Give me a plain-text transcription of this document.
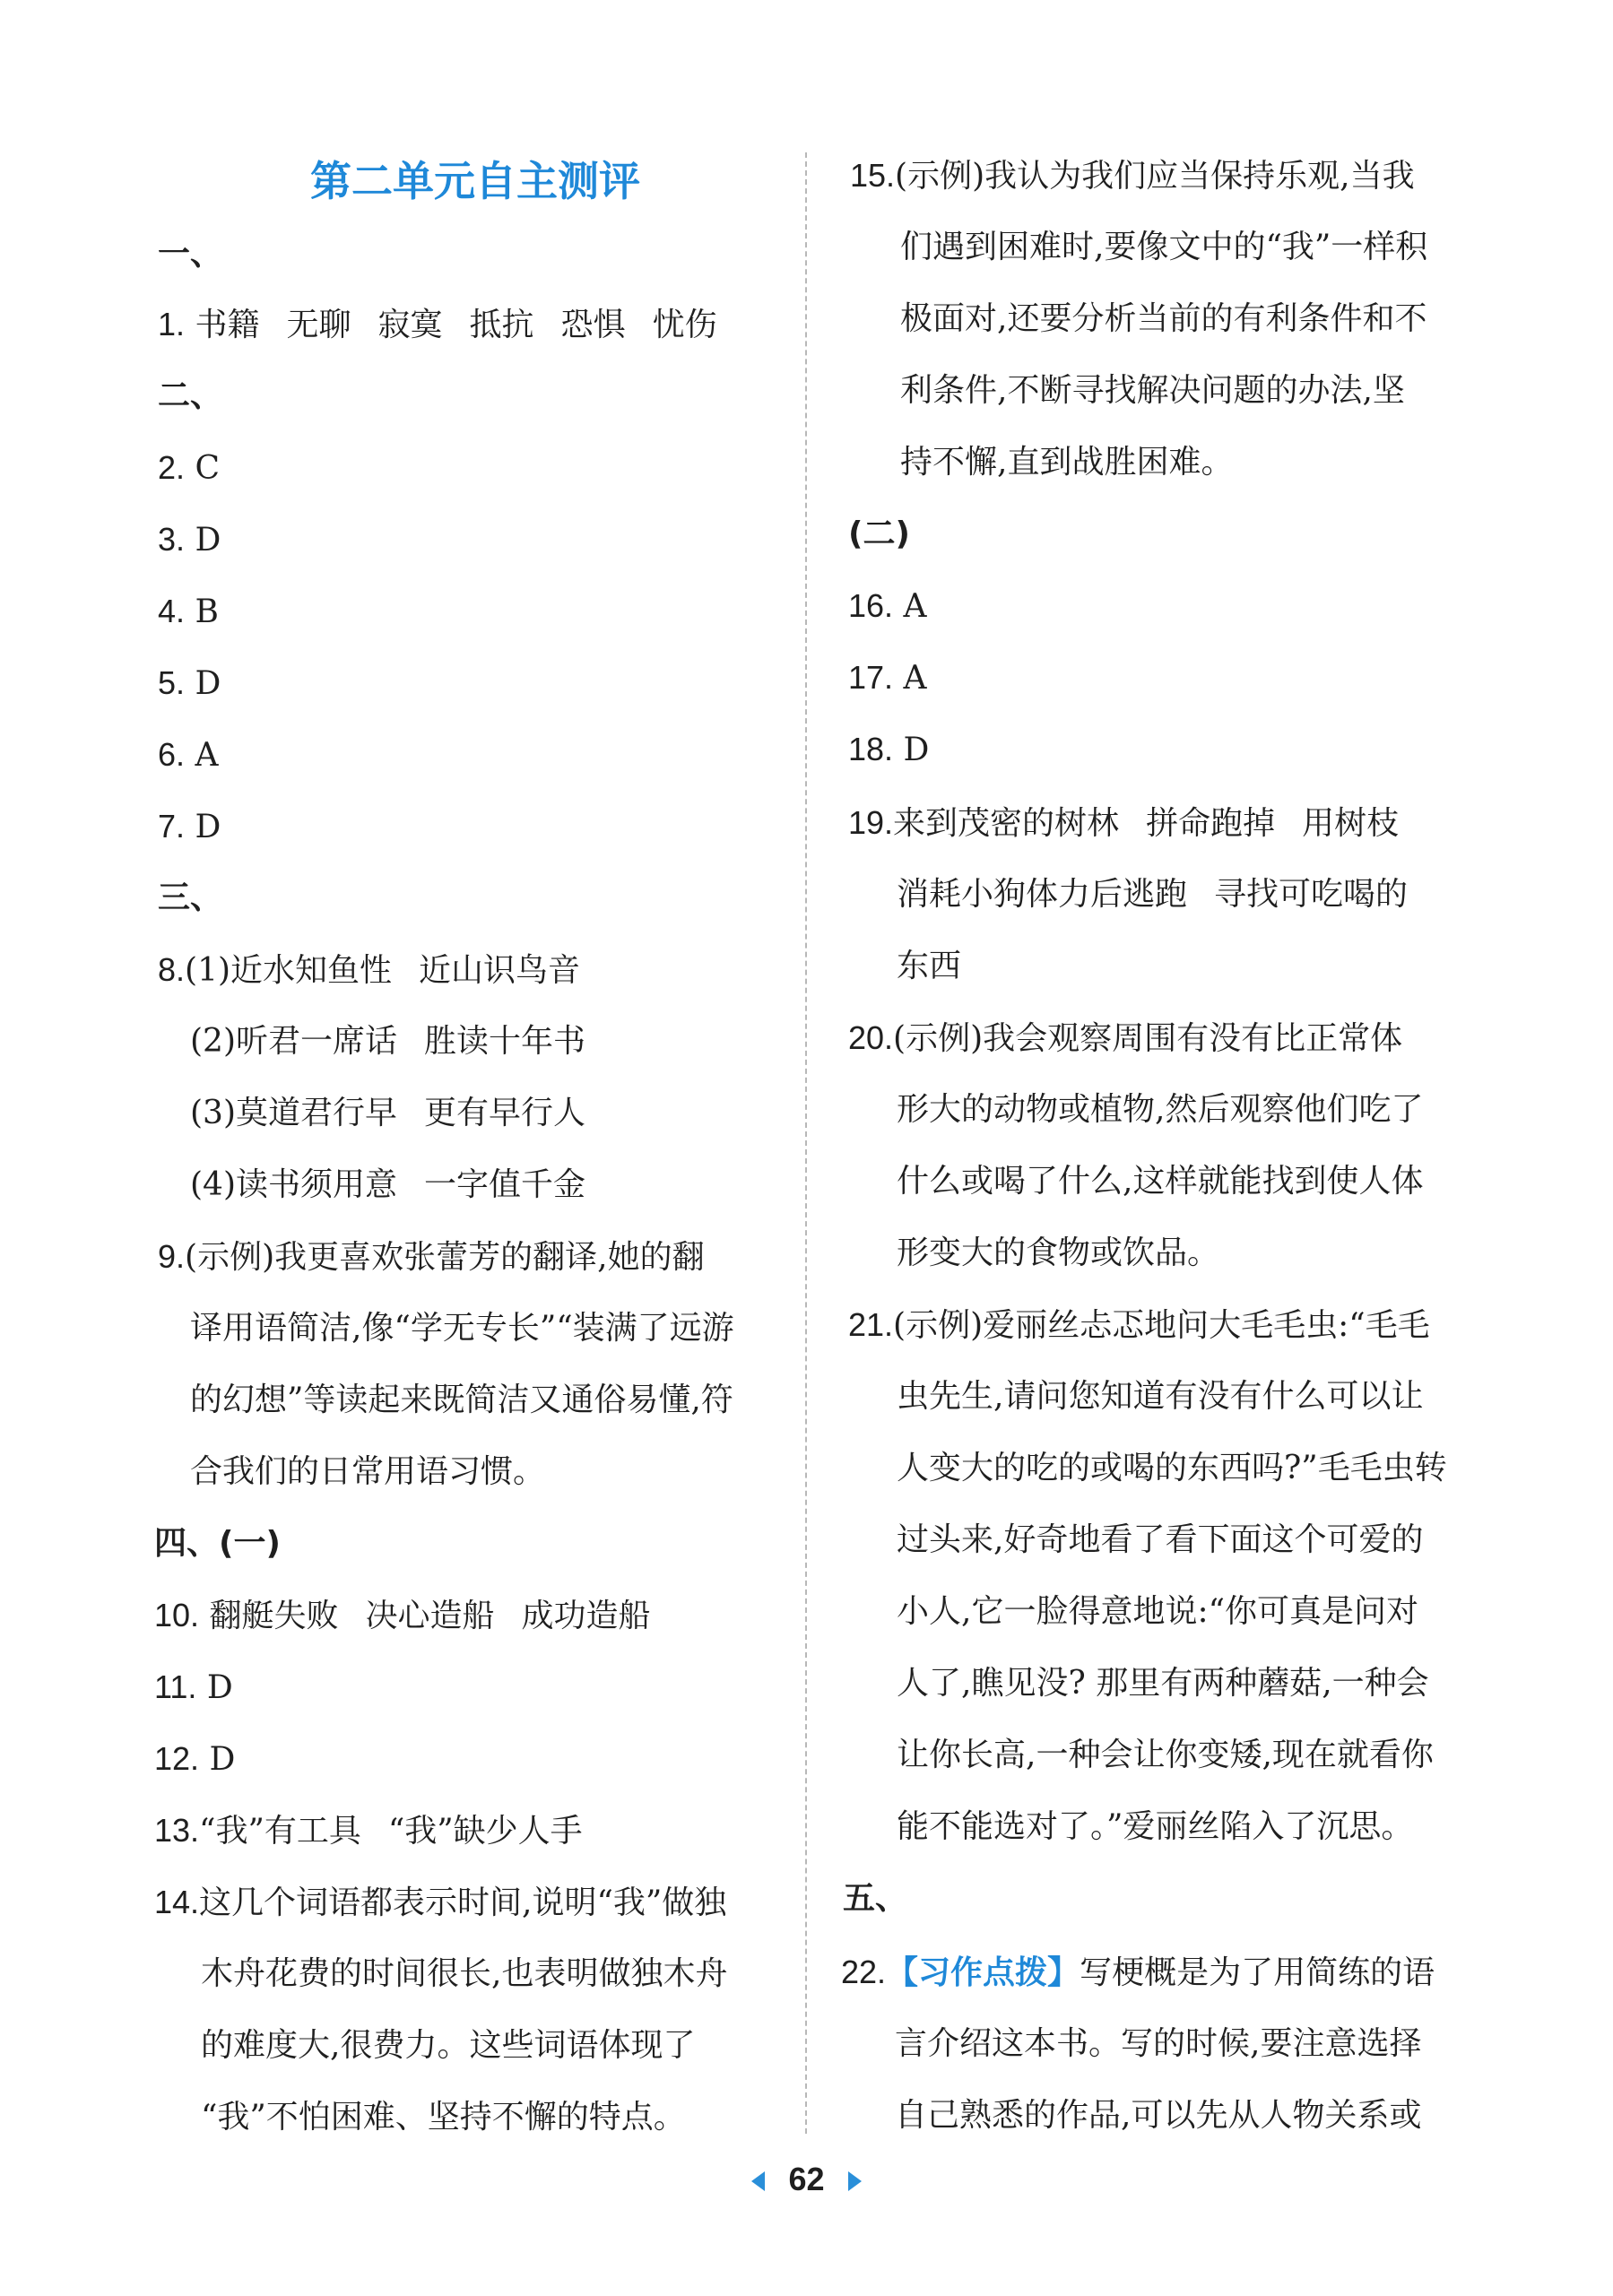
第二单元自主测评
一、
1. 书籍 无聊 寂寞 抵抗 恐惧 忧伤
二、
2. C
3. D
4. B
5. D
6. A
7. D
三、
8.(1)近水知鱼性 近山识鸟音
(2)听君一席话 胜读十年书
(3)莫道君行早 更有早行人
(4)读书须用意 一字值千金
9.(示例)我更喜欢张蕾芳的翻译,她的翻
译用语简洁,像“学无专长”“装满了远游
的幻想”等读起来既简洁又通俗易懂,符
合我们的日常用语习惯。
四、(一)
10. 翻艇失败 决心造船 成功造船
11. D
12. D
13.“我”有工具 “我”缺少人手
14.这几个词语都表示时间,说明“我”做独
木舟花费的时间很长,也表明做独木舟
的难度大,很费力。这些词语体现了
“我”不怕困难、坚持不懈的特点。
15.(示例)我认为我们应当保持乐观,当我
们遇到困难时,要像文中的“我”一样积
极面对,还要分析当前的有利条件和不
利条件,不断寻找解决问题的办法,坚
持不懈,直到战胜困难。
(二)
16. A
17. A
18. D
19.来到茂密的树林 拼命跑掉 用树枝
消耗小狗体力后逃跑 寻找可吃喝的
东西
20.(示例)我会观察周围有没有比正常体
形大的动物或植物,然后观察他们吃了
什么或喝了什么,这样就能找到使人体
形变大的食物或饮品。
21.(示例)爱丽丝忐忑地问大毛毛虫:“毛毛
虫先生,请问您知道有没有什么可以让
人变大的吃的或喝的东西吗?”毛毛虫转
过头来,好奇地看了看下面这个可爱的
小人,它一脸得意地说:“你可真是问对
人了,瞧见没? 那里有两种蘑菇,一种会
让你长高,一种会让你变矮,现在就看你
能不能选对了。”爱丽丝陷入了沉思。
五、
22.【习作点拨】写梗概是为了用简练的语
言介绍这本书。写的时候,要注意选择
自己熟悉的作品,可以先从人物关系或
62
